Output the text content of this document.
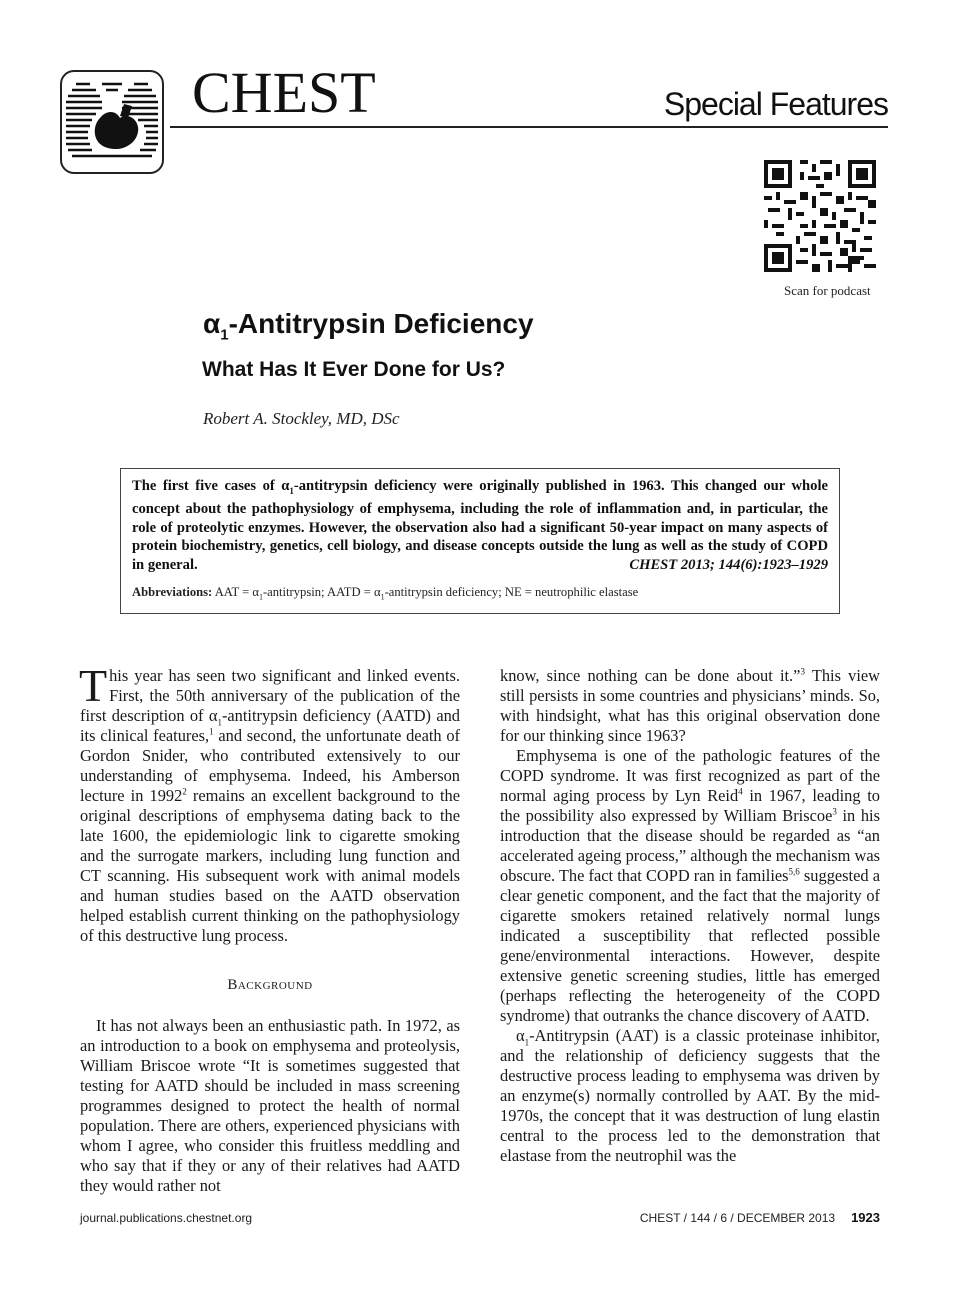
CHEST	Special Features
Scan for podcast
$\alpha_1$-Antitrypsin Deficiency
What Has It Ever Done for Us?
Robert A. Stockley, MD, DSc
The first five cases of $\alpha_1$-antitrypsin deficiency were originally published in 1963. This changed our whole concept about the pathophysiology of emphysema, including the role of inflammation and, in particular, the role of proteolytic enzymes. However, the observation also had a significant 50-year impact on many aspects of protein biochemistry, genetics, cell biology, and disease concepts outside the lung as well as the study of COPD in general.	CHEST 2013; 144(6):1923–1929
Abbreviations: AAT = $\alpha_1$-antitrypsin; AATD = $\alpha_1$-antitrypsin deficiency; NE = neutrophilic elastase

This year has seen two significant and linked events. First, the 50th anniversary of the publication of the first description of $\alpha_1$-antitrypsin deficiency (AATD) and its clinical features,$^1$ and second, the unfortunate death of Gordon Snider, who contributed extensively to our understanding of emphysema. Indeed, his Amberson lecture in 1992$^2$ remains an excellent background to the original descriptions of emphysema dating back to the late 1600, the epidemiologic link to cigarette smoking and the surrogate markers, including lung function and CT scanning. His subsequent work with animal models and human studies based on the AATD observation helped establish current thinking on the pathophysiology of this destructive lung process.

Background

It has not always been an enthusiastic path. In 1972, as an introduction to a book on emphysema and proteolysis, William Briscoe wrote “It is sometimes suggested that testing for AATD should be included in mass screening programmes designed to protect the health of normal population. There are others, experienced physicians with whom I agree, who consider this fruitless meddling and who say that if they or any of their relatives had AATD they would rather not

know, since nothing can be done about it.”$^3$ This view still persists in some countries and physicians’ minds. So, with hindsight, what has this original observation done for our thinking since 1963?

Emphysema is one of the pathologic features of the COPD syndrome. It was first recognized as part of the normal aging process by Lyn Reid$^4$ in 1967, leading to the possibility also expressed by William Briscoe$^3$ in his introduction that the disease should be regarded as “an accelerated ageing process,” although the mechanism was obscure. The fact that COPD ran in families$^{5,6}$ suggested a clear genetic component, and the fact that the majority of cigarette smokers retained relatively normal lungs indicated a susceptibility that reflected possible gene/environmental interactions. However, despite extensive genetic screening studies, little has emerged (perhaps reflecting the heterogeneity of the COPD syndrome) that outranks the chance discovery of AATD.

$\alpha_1$-Antitrypsin (AAT) is a classic proteinase inhibitor, and the relationship of deficiency suggests that the destructive process leading to emphysema was driven by an enzyme(s) normally controlled by AAT. By the mid-1970s, the concept that it was destruction of lung elastin central to the process led to the demonstration that elastase from the neutrophil was the

journal.publications.chestnet.org	CHEST / 144 / 6 / DECEMBER 2013 1923
